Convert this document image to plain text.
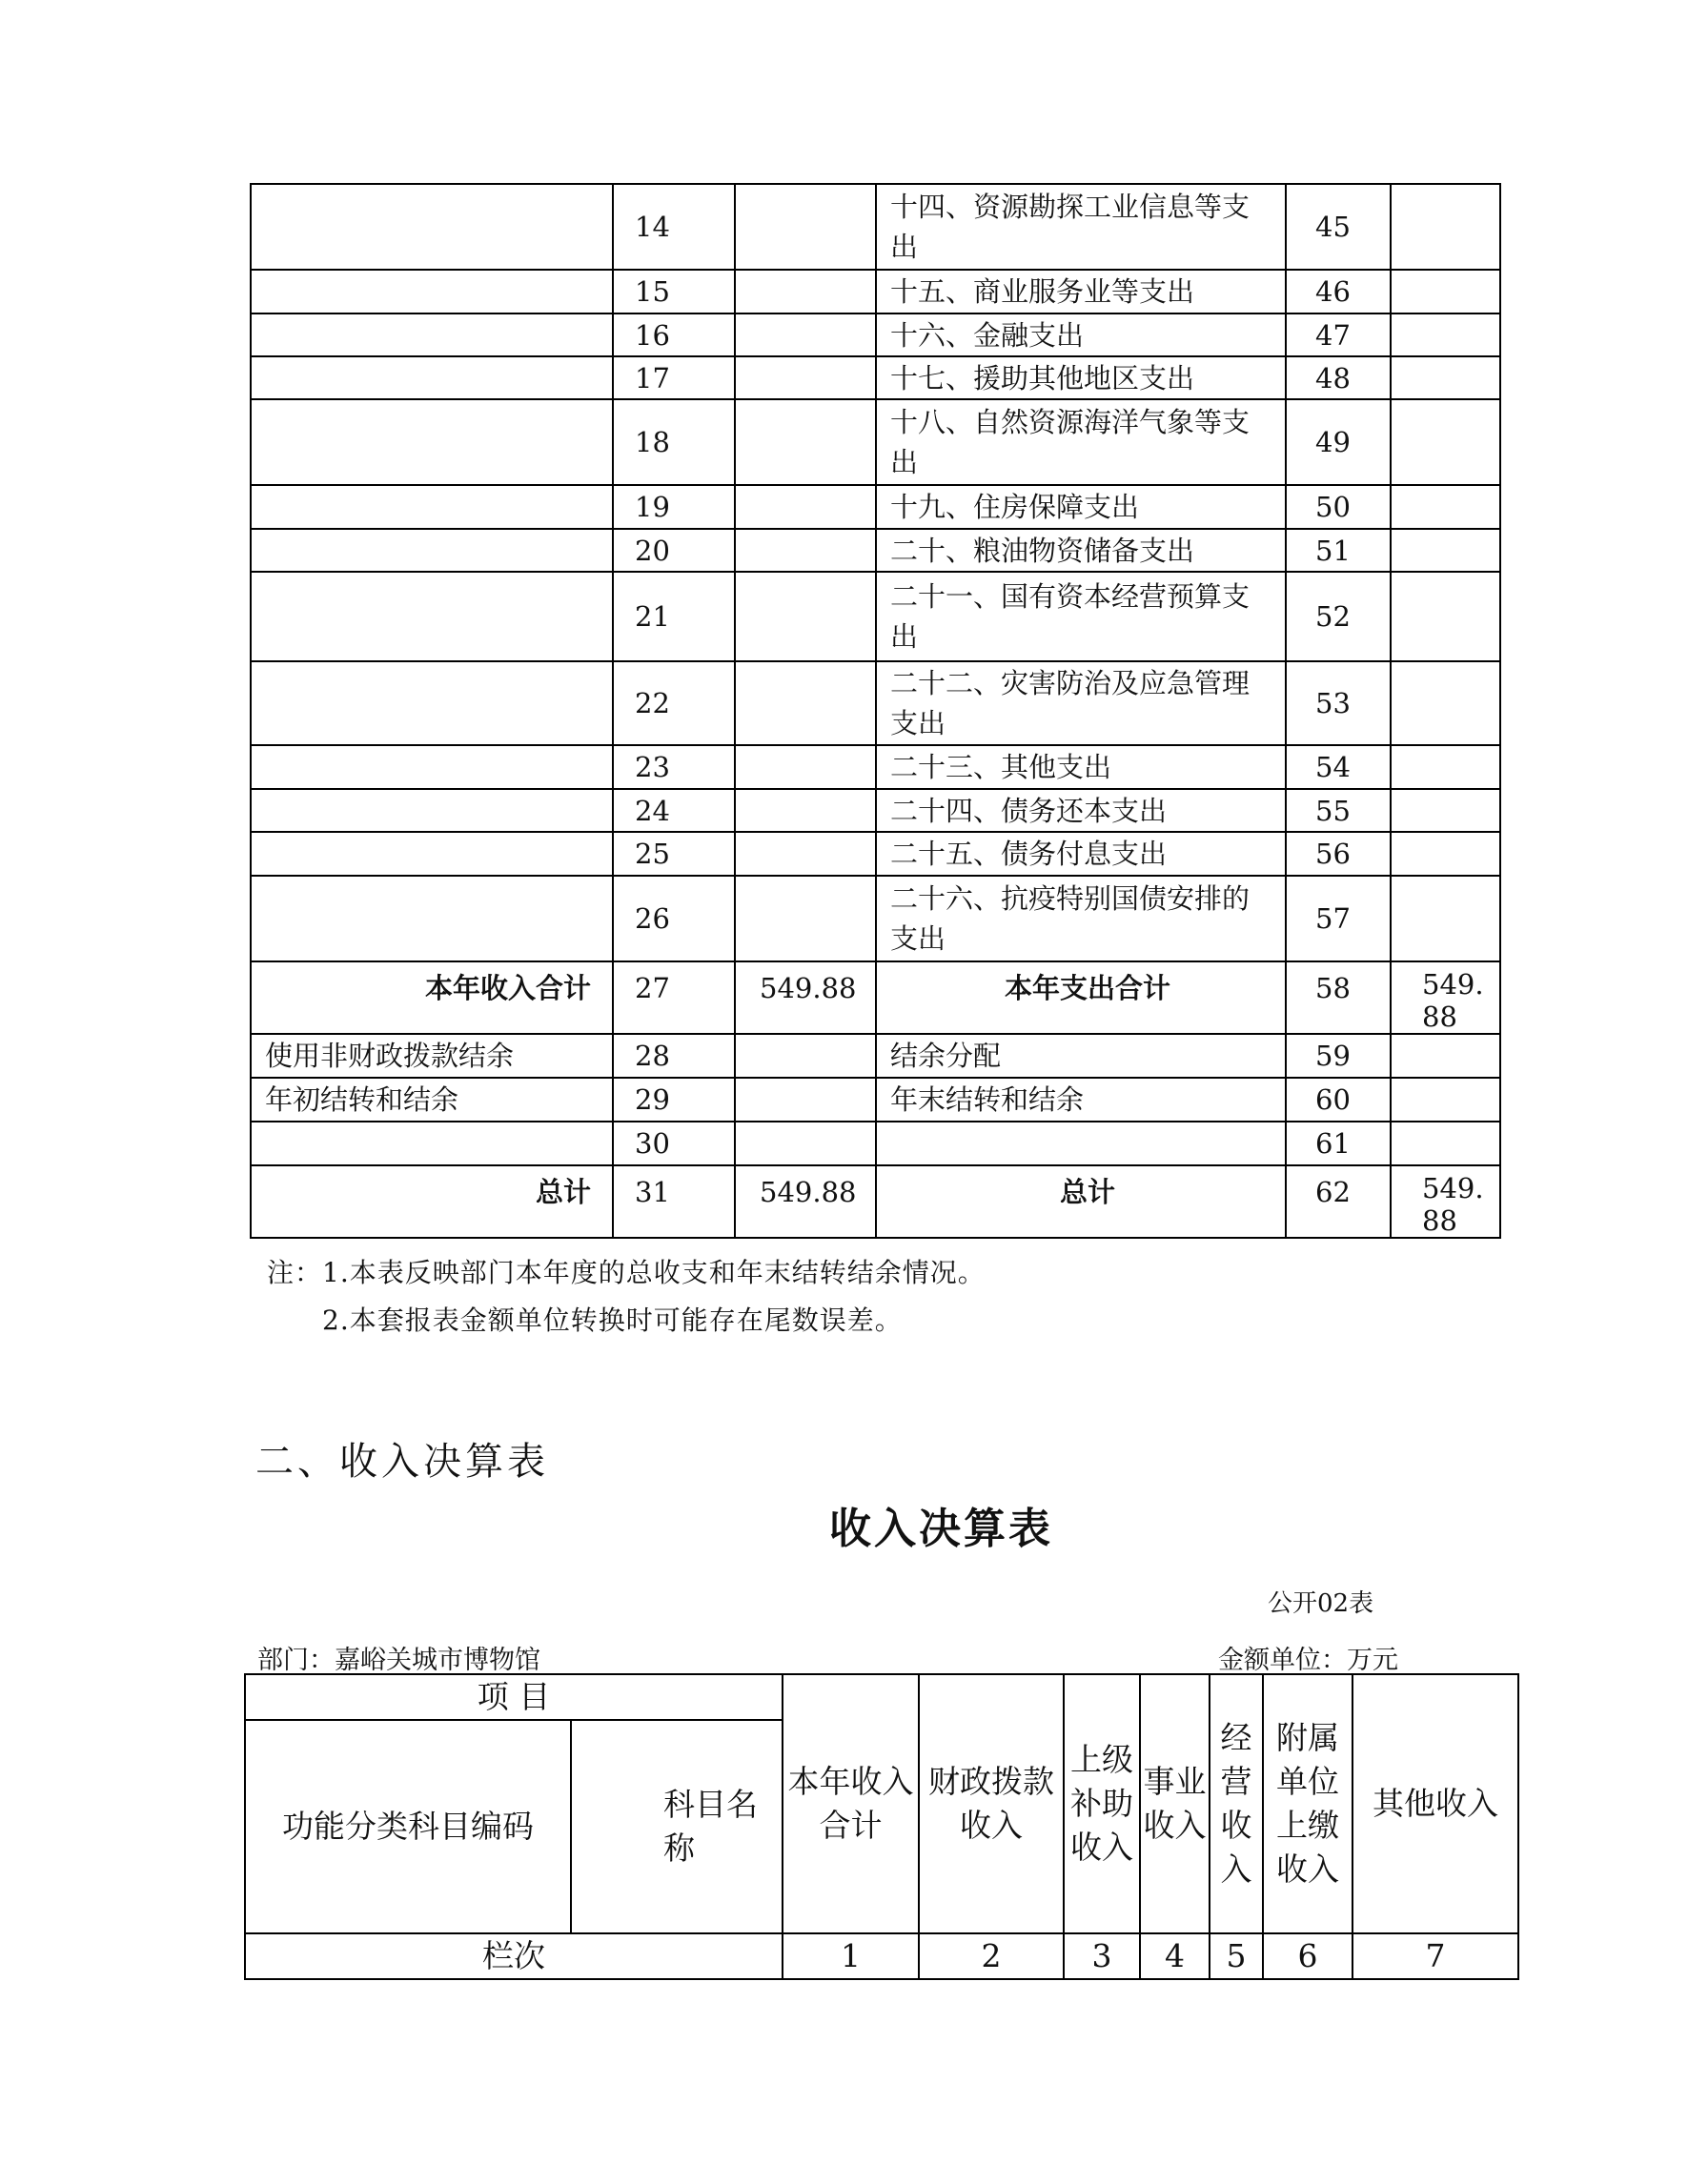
	14		十四、资源勘探工业信息等支 出	45	
	15		十五、商业服务业等支出	46	
	16		十六、金融支出	47	
	17		十七、援助其他地区支出	48	
	18		十八、自然资源海洋气象等支 出	49	
	19		十九、住房保障支出	50	
	20		二十、粮油物资储备支出	51	
	21		二十一、国有资本经营预算支 出	52	
	22		二十二、灾害防治及应急管理 支出	53	
	23		二十三、其他支出	54	
	24		二十四、债务还本支出	55	
	25		二十五、债务付息支出	56	
	26		二十六、抗疫特别国债安排的 支出	57	
本年收入合计	27	549.88	本年支出合计	58	549.88
使用非财政拨款结余	28		结余分配	59	
年初结转和结余	29		年末结转和结余	60	
	30			61	
总计	31	549.88	总计	62	549.88
注：1.本表反映部门本年度的总收支和年末结转结余情况。
2.本套报表金额单位转换时可能存在尾数误差。
二、收入决算表
收入决算表
公开02表
部门：嘉峪关城市博物馆	金额单位：万元
项 目		本年收入合计	财政拨款收入	上级补助收入	事业收入	经营收入	附属单位上缴收入	其他收入
功能分类科目编码	科目名称							
栏次		1	2	3	4	5	6	7
